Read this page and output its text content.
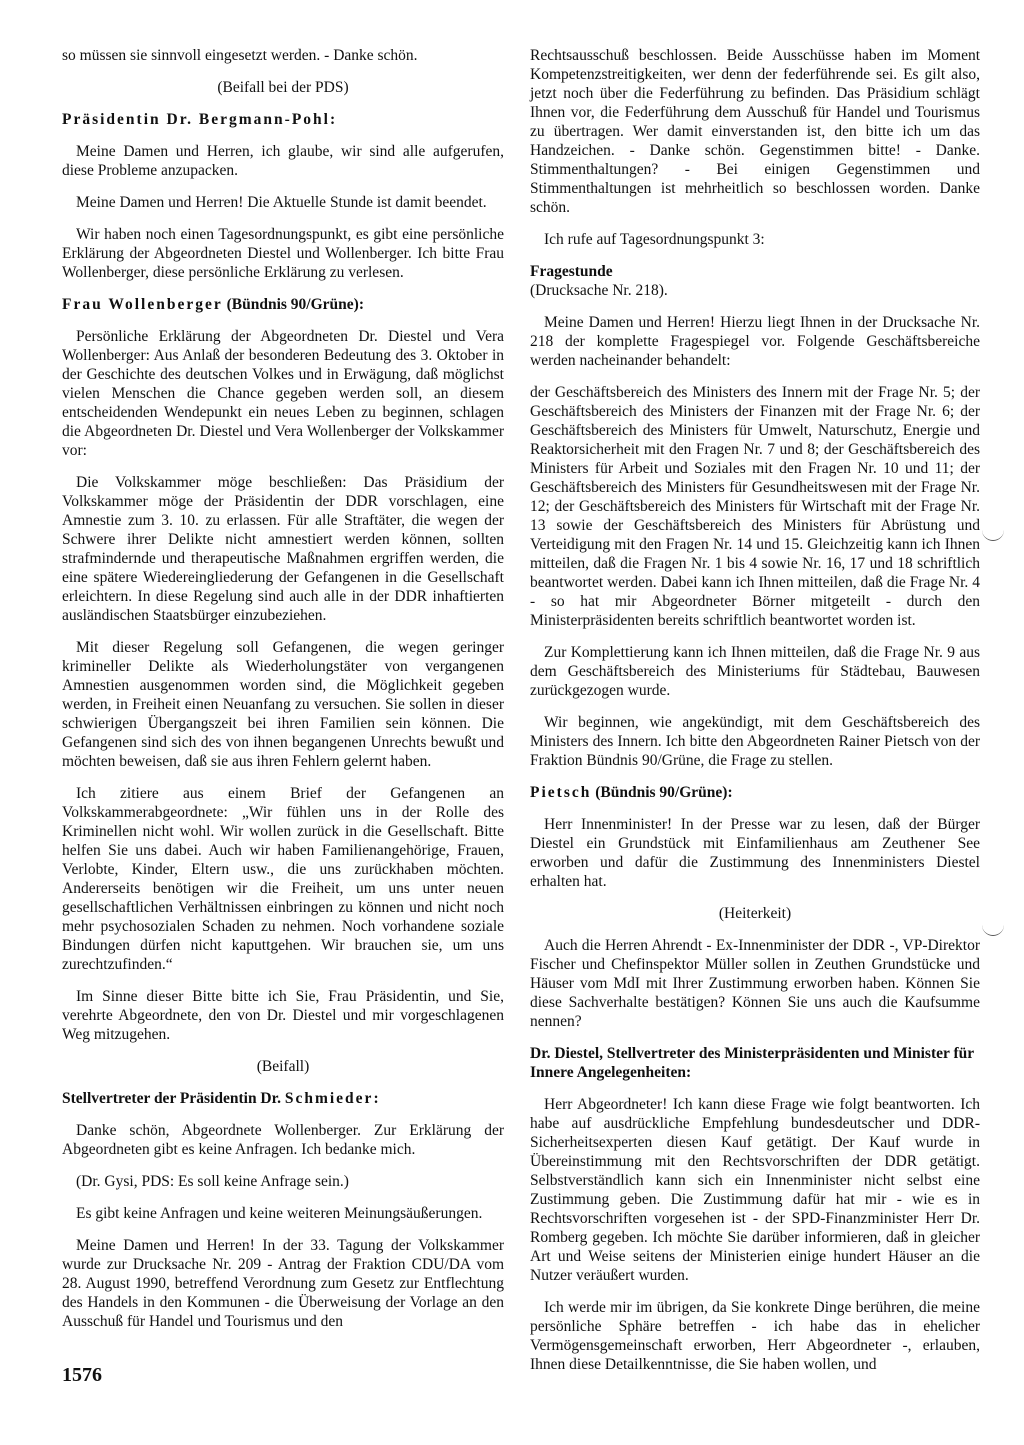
so müssen sie sinnvoll eingesetzt werden. - Danke schön.

(Beifall bei der PDS)

Präsidentin Dr. Bergmann-Pohl:

Meine Damen und Herren, ich glaube, wir sind alle aufgerufen, diese Probleme anzupacken.

Meine Damen und Herren! Die Aktuelle Stunde ist damit beendet.

Wir haben noch einen Tagesordnungspunkt, es gibt eine persönliche Erklärung der Abgeordneten Diestel und Wollenberger. Ich bitte Frau Wollenberger, diese persönliche Erklärung zu verlesen.

Frau Wollenberger (Bündnis 90/Grüne):

Persönliche Erklärung der Abgeordneten Dr. Diestel und Vera Wollenberger: Aus Anlaß der besonderen Bedeutung des 3. Oktober in der Geschichte des deutschen Volkes und in Erwägung, daß möglichst vielen Menschen die Chance gegeben werden soll, an diesem entscheidenden Wendepunkt ein neues Leben zu beginnen, schlagen die Abgeordneten Dr. Diestel und Vera Wollenberger der Volkskammer vor:

Die Volkskammer möge beschließen: Das Präsidium der Volkskammer möge der Präsidentin der DDR vorschlagen, eine Amnestie zum 3. 10. zu erlassen. Für alle Straftäter, die wegen der Schwere ihrer Delikte nicht amnestiert werden können, sollten strafmindernde und therapeutische Maßnahmen ergriffen werden, die eine spätere Wiedereingliederung der Gefangenen in die Gesellschaft erleichtern. In diese Regelung sind auch alle in der DDR inhaftierten ausländischen Staatsbürger einzubeziehen.

Mit dieser Regelung soll Gefangenen, die wegen geringer krimineller Delikte als Wiederholungstäter von vergangenen Amnestien ausgenommen worden sind, die Möglichkeit gegeben werden, in Freiheit einen Neuanfang zu versuchen. Sie sollen in dieser schwierigen Übergangszeit bei ihren Familien sein können. Die Gefangenen sind sich des von ihnen begangenen Unrechts bewußt und möchten beweisen, daß sie aus ihren Fehlern gelernt haben.

Ich zitiere aus einem Brief der Gefangenen an Volkskammerabgeordnete: „Wir fühlen uns in der Rolle des Kriminellen nicht wohl. Wir wollen zurück in die Gesellschaft. Bitte helfen Sie uns dabei. Auch wir haben Familienangehörige, Frauen, Verlobte, Kinder, Eltern usw., die uns zurückhaben möchten. Andererseits benötigen wir die Freiheit, um uns unter neuen gesellschaftlichen Verhältnissen einbringen zu können und nicht noch mehr psychosozialen Schaden zu nehmen. Noch vorhandene soziale Bindungen dürfen nicht kaputtgehen. Wir brauchen sie, um uns zurechtzufinden.“

Im Sinne dieser Bitte bitte ich Sie, Frau Präsidentin, und Sie, verehrte Abgeordnete, den von Dr. Diestel und mir vorgeschlagenen Weg mitzugehen.

(Beifall)

Stellvertreter der Präsidentin Dr. Schmieder:

Danke schön, Abgeordnete Wollenberger. Zur Erklärung der Abgeordneten gibt es keine Anfragen. Ich bedanke mich.

(Dr. Gysi, PDS: Es soll keine Anfrage sein.)

Es gibt keine Anfragen und keine weiteren Meinungsäußerungen.

Meine Damen und Herren! In der 33. Tagung der Volkskammer wurde zur Drucksache Nr. 209 - Antrag der Fraktion CDU/DA vom 28. August 1990, betreffend Verordnung zum Gesetz zur Entflechtung des Handels in den Kommunen - die Überweisung der Vorlage an den Ausschuß für Handel und Tourismus und den

Rechtsausschuß beschlossen. Beide Ausschüsse haben im Moment Kompetenzstreitigkeiten, wer denn der federführende sei. Es gilt also, jetzt noch über die Federführung zu befinden. Das Präsidium schlägt Ihnen vor, die Federführung dem Ausschuß für Handel und Tourismus zu übertragen. Wer damit einverstanden ist, den bitte ich um das Handzeichen. - Danke schön. Gegenstimmen bitte! - Danke. Stimmenthaltungen? - Bei einigen Gegenstimmen und Stimmenthaltungen ist mehrheitlich so beschlossen worden. Danke schön.

Ich rufe auf Tagesordnungspunkt 3:

Fragestunde
(Drucksache Nr. 218).

Meine Damen und Herren! Hierzu liegt Ihnen in der Drucksache Nr. 218 der komplette Fragespiegel vor. Folgende Geschäftsbereiche werden nacheinander behandelt:

der Geschäftsbereich des Ministers des Innern mit der Frage Nr. 5; der Geschäftsbereich des Ministers der Finanzen mit der Frage Nr. 6; der Geschäftsbereich des Ministers für Umwelt, Naturschutz, Energie und Reaktorsicherheit mit den Fragen Nr. 7 und 8; der Geschäftsbereich des Ministers für Arbeit und Soziales mit den Fragen Nr. 10 und 11; der Geschäftsbereich des Ministers für Gesundheitswesen mit der Frage Nr. 12; der Geschäftsbereich des Ministers für Wirtschaft mit der Frage Nr. 13 sowie der Geschäftsbereich des Ministers für Abrüstung und Verteidigung mit den Fragen Nr. 14 und 15. Gleichzeitig kann ich Ihnen mitteilen, daß die Fragen Nr. 1 bis 4 sowie Nr. 16, 17 und 18 schriftlich beantwortet werden. Dabei kann ich Ihnen mitteilen, daß die Frage Nr. 4 - so hat mir Abgeordneter Börner mitgeteilt - durch den Ministerpräsidenten bereits schriftlich beantwortet worden ist.

Zur Komplettierung kann ich Ihnen mitteilen, daß die Frage Nr. 9 aus dem Geschäftsbereich des Ministeriums für Städtebau, Bauwesen zurückgezogen wurde.

Wir beginnen, wie angekündigt, mit dem Geschäftsbereich des Ministers des Innern. Ich bitte den Abgeordneten Rainer Pietsch von der Fraktion Bündnis 90/Grüne, die Frage zu stellen.

Pietsch (Bündnis 90/Grüne):

Herr Innenminister! In der Presse war zu lesen, daß der Bürger Diestel ein Grundstück mit Einfamilienhaus am Zeuthener See erworben und dafür die Zustimmung des Innenministers Diestel erhalten hat.

(Heiterkeit)

Auch die Herren Ahrendt - Ex-Innenminister der DDR -, VP-Direktor Fischer und Chefinspektor Müller sollen in Zeuthen Grundstücke und Häuser vom MdI mit Ihrer Zustimmung erworben haben. Können Sie diese Sachverhalte bestätigen? Können Sie uns auch die Kaufsumme nennen?

Dr. Diestel, Stellvertreter des Ministerpräsidenten und Minister für Innere Angelegenheiten:

Herr Abgeordneter! Ich kann diese Frage wie folgt beantworten. Ich habe auf ausdrückliche Empfehlung bundesdeutscher und DDR-Sicherheitsexperten diesen Kauf getätigt. Der Kauf wurde in Übereinstimmung mit den Rechtsvorschriften der DDR getätigt. Selbstverständlich kann sich ein Innenminister nicht selbst eine Zustimmung geben. Die Zustimmung dafür hat mir - wie es in Rechtsvorschriften vorgesehen ist - der SPD-Finanzminister Herr Dr. Romberg gegeben. Ich möchte Sie darüber informieren, daß in gleicher Art und Weise seitens der Ministerien einige hundert Häuser an die Nutzer veräußert wurden.

Ich werde mir im übrigen, da Sie konkrete Dinge berühren, die meine persönliche Sphäre betreffen - ich habe das in ehelicher Vermögensgemeinschaft erworben, Herr Abgeordneter -, erlauben, Ihnen diese Detailkenntnisse, die Sie haben wollen, und

1576
